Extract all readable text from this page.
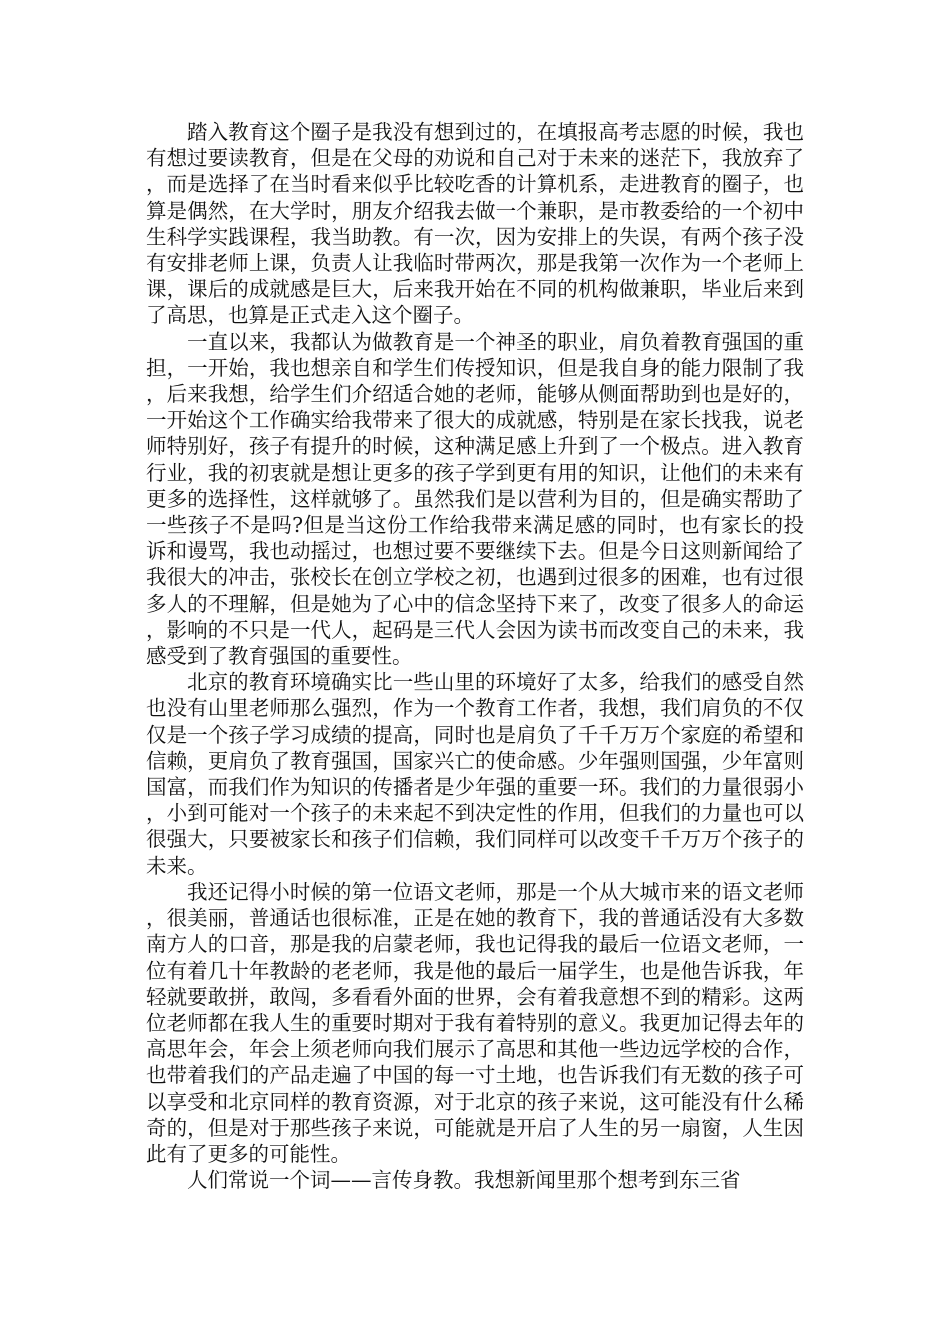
踏入教育这个圈子是我没有想到过的，在填报高考志愿的时候，我也有想过要读教育，但是在父母的劝说和自己对于未来的迷茫下，我放弃了，而是选择了在当时看来似乎比较吃香的计算机系，走进教育的圈子，也算是偶然，在大学时，朋友介绍我去做一个兼职，是市教委给的一个初中生科学实践课程，我当助教。有一次，因为安排上的失误，有两个孩子没有安排老师上课，负责人让我临时带两次，那是我第一次作为一个老师上课，课后的成就感是巨大，后来我开始在不同的机构做兼职，毕业后来到了高思，也算是正式走入这个圈子。

一直以来，我都认为做教育是一个神圣的职业，肩负着教育强国的重担，一开始，我也想亲自和学生们传授知识，但是我自身的能力限制了我，后来我想，给学生们介绍适合她的老师，能够从侧面帮助到也是好的，一开始这个工作确实给我带来了很大的成就感，特别是在家长找我，说老师特别好，孩子有提升的时候，这种满足感上升到了一个极点。进入教育行业，我的初衷就是想让更多的孩子学到更有用的知识，让他们的未来有更多的选择性，这样就够了。虽然我们是以营利为目的，但是确实帮助了一些孩子不是吗?但是当这份工作给我带来满足感的同时，也有家长的投诉和谩骂，我也动摇过，也想过要不要继续下去。但是今日这则新闻给了我很大的冲击，张校长在创立学校之初，也遇到过很多的困难，也有过很多人的不理解，但是她为了心中的信念坚持下来了，改变了很多人的命运，影响的不只是一代人，起码是三代人会因为读书而改变自己的未来，我感受到了教育强国的重要性。

北京的教育环境确实比一些山里的环境好了太多，给我们的感受自然也没有山里老师那么强烈，作为一个教育工作者，我想，我们肩负的不仅仅是一个孩子学习成绩的提高，同时也是肩负了千千万万个家庭的希望和信赖，更肩负了教育强国，国家兴亡的使命感。少年强则国强，少年富则国富，而我们作为知识的传播者是少年强的重要一环。我们的力量很弱小，小到可能对一个孩子的未来起不到决定性的作用，但我们的力量也可以很强大，只要被家长和孩子们信赖，我们同样可以改变千千万万个孩子的未来。

我还记得小时候的第一位语文老师，那是一个从大城市来的语文老师，很美丽，普通话也很标准，正是在她的教育下，我的普通话没有大多数南方人的口音，那是我的启蒙老师，我也记得我的最后一位语文老师，一位有着几十年教龄的老老师，我是他的最后一届学生，也是他告诉我，年轻就要敢拼，敢闯，多看看外面的世界，会有着我意想不到的精彩。这两位老师都在我人生的重要时期对于我有着特别的意义。我更加记得去年的高思年会，年会上须老师向我们展示了高思和其他一些边远学校的合作，也带着我们的产品走遍了中国的每一寸土地，也告诉我们有无数的孩子可以享受和北京同样的教育资源，对于北京的孩子来说，这可能没有什么稀奇的，但是对于那些孩子来说，可能就是开启了人生的另一扇窗，人生因此有了更多的可能性。

人们常说一个词——言传身教。我想新闻里那个想考到东三省
